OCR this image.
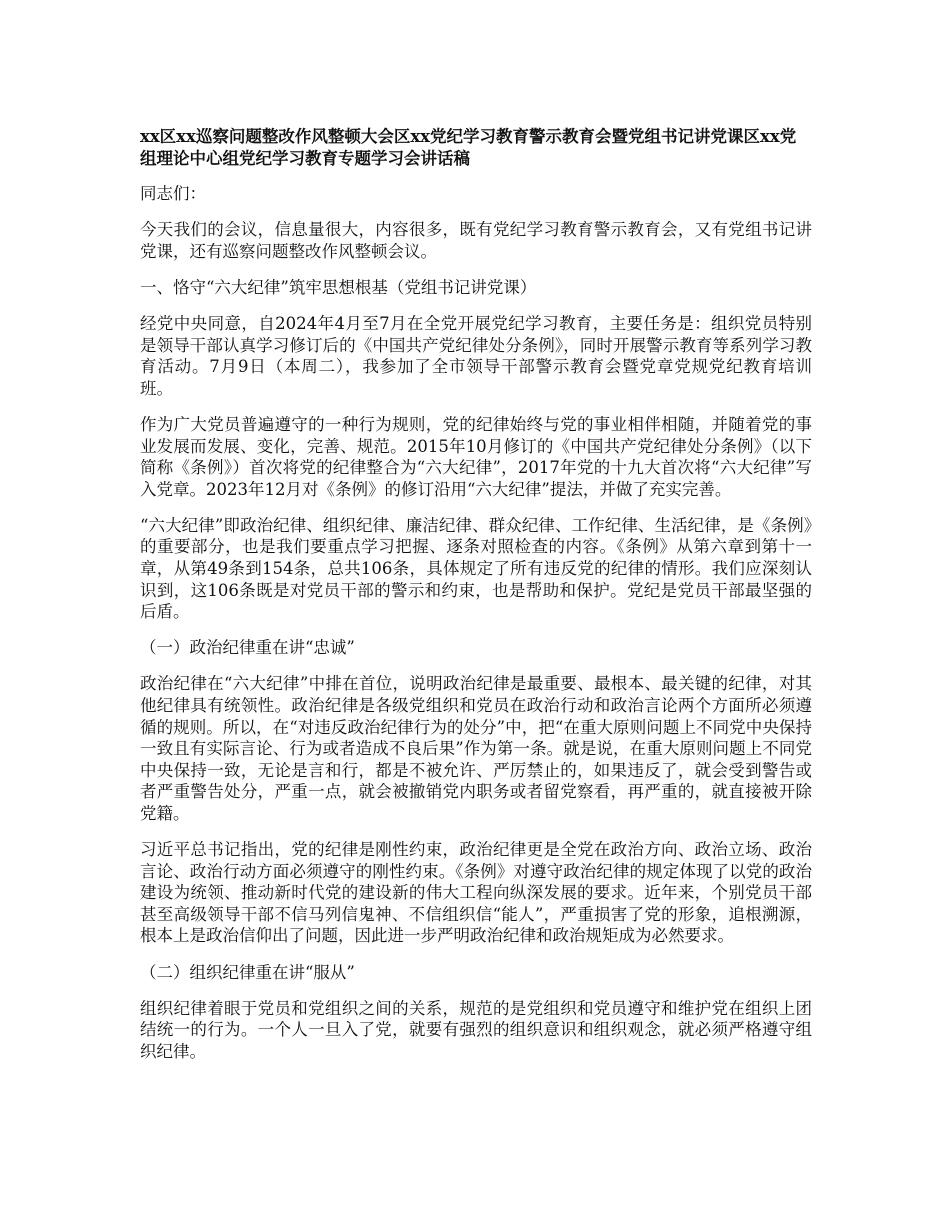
xx区xx巡察问题整改作风整顿大会区xx党纪学习教育警示教育会暨党组书记讲党课区xx党组理论中心组党纪学习教育专题学习会讲话稿

同志们：

今天我们的会议，信息量很大，内容很多，既有党纪学习教育警示教育会，又有党组书记讲党课，还有巡察问题整改作风整顿会议。

一、恪守“六大纪律”筑牢思想根基（党组书记讲党课）

经党中央同意，自2024年4月至7月在全党开展党纪学习教育，主要任务是：组织党员特别是领导干部认真学习修订后的《中国共产党纪律处分条例》，同时开展警示教育等系列学习教育活动。7月9日（本周二），我参加了全市领导干部警示教育会暨党章党规党纪教育培训班。

作为广大党员普遍遵守的一种行为规则，党的纪律始终与党的事业相伴相随，并随着党的事业发展而发展、变化，完善、规范。2015年10月修订的《中国共产党纪律处分条例》（以下简称《条例》）首次将党的纪律整合为“六大纪律”，2017年党的十九大首次将“六大纪律”写入党章。2023年12月对《条例》的修订沿用“六大纪律”提法，并做了充实完善。

“六大纪律”即政治纪律、组织纪律、廉洁纪律、群众纪律、工作纪律、生活纪律，是《条例》的重要部分，也是我们要重点学习把握、逐条对照检查的内容。《条例》从第六章到第十一章，从第49条到154条，总共106条，具体规定了所有违反党的纪律的情形。我们应深刻认识到，这106条既是对党员干部的警示和约束，也是帮助和保护。党纪是党员干部最坚强的后盾。

（一）政治纪律重在讲“忠诚”

政治纪律在“六大纪律”中排在首位，说明政治纪律是最重要、最根本、最关键的纪律，对其他纪律具有统领性。政治纪律是各级党组织和党员在政治行动和政治言论两个方面所必须遵循的规则。所以，在“对违反政治纪律行为的处分”中，把“在重大原则问题上不同党中央保持一致且有实际言论、行为或者造成不良后果”作为第一条。就是说，在重大原则问题上不同党中央保持一致，无论是言和行，都是不被允许、严厉禁止的，如果违反了，就会受到警告或者严重警告处分，严重一点，就会被撤销党内职务或者留党察看，再严重的，就直接被开除党籍。

习近平总书记指出，党的纪律是刚性约束，政治纪律更是全党在政治方向、政治立场、政治言论、政治行动方面必须遵守的刚性约束。《条例》对遵守政治纪律的规定体现了以党的政治建设为统领、推动新时代党的建设新的伟大工程向纵深发展的要求。近年来，个别党员干部甚至高级领导干部不信马列信鬼神、不信组织信“能人”，严重损害了党的形象，追根溯源，根本上是政治信仰出了问题，因此进一步严明政治纪律和政治规矩成为必然要求。

（二）组织纪律重在讲“服从”

组织纪律着眼于党员和党组织之间的关系，规范的是党组织和党员遵守和维护党在组织上团结统一的行为。一个人一旦入了党，就要有强烈的组织意识和组织观念，就必须严格遵守组织纪律。
